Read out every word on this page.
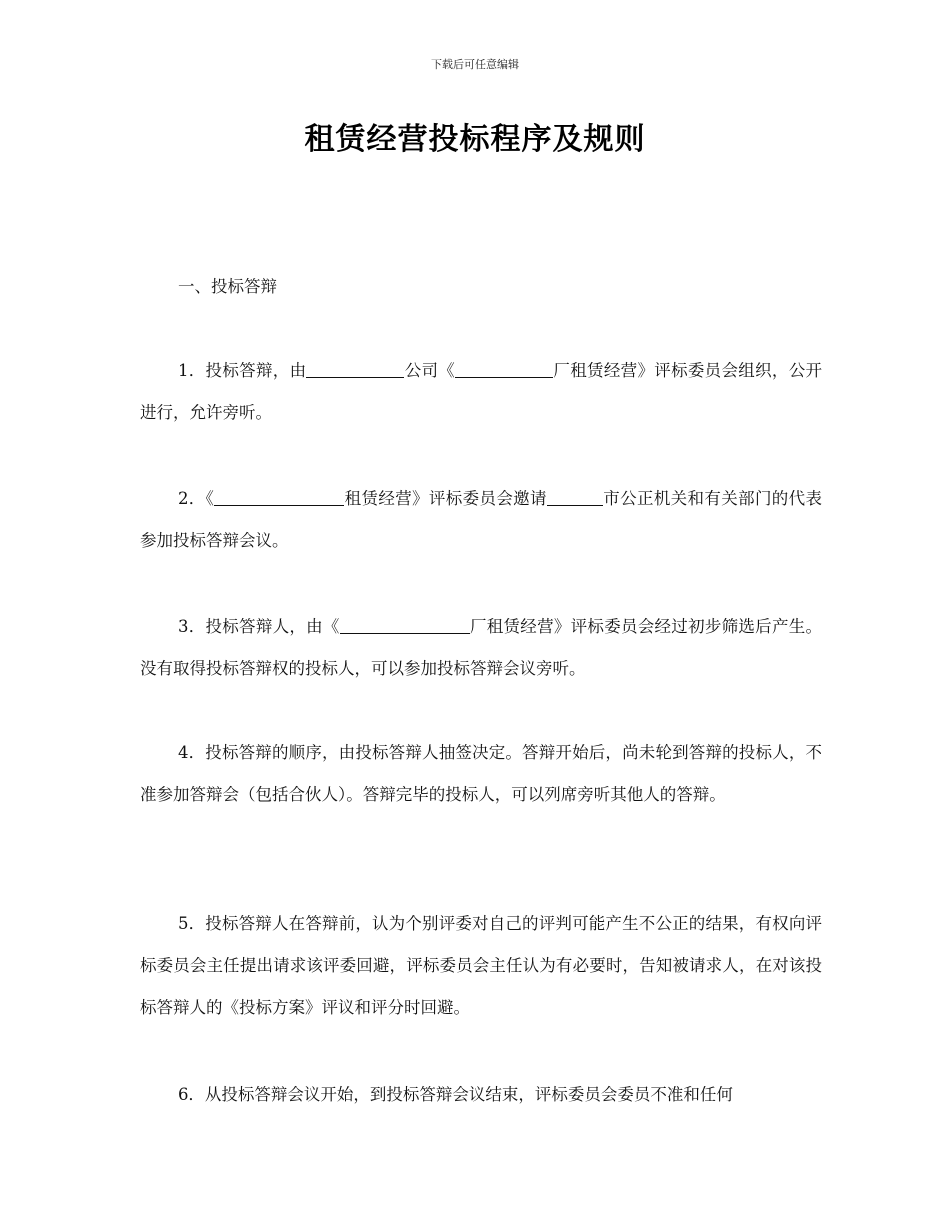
下载后可任意编辑
租赁经营投标程序及规则
一、投标答辩
1．投标答辩，由	公司《	厂租赁经营》评标委员会组织，公开进行，允许旁听。
2．《	租赁经营》评标委员会邀请	市公正机关和有关部门的代表参加投标答辩会议。
3．投标答辩人，由《	厂租赁经营》评标委员会经过初步筛选后产生。没有取得投标答辩权的投标人，可以参加投标答辩会议旁听。
4．投标答辩的顺序，由投标答辩人抽签决定。答辩开始后，尚未轮到答辩的投标人，不准参加答辩会（包括合伙人）。答辩完毕的投标人，可以列席旁听其他人的答辩。
5．投标答辩人在答辩前，认为个别评委对自己的评判可能产生不公正的结果，有权向评标委员会主任提出请求该评委回避，评标委员会主任认为有必要时，告知被请求人，在对该投标答辩人的《投标方案》评议和评分时回避。
6．从投标答辩会议开始，到投标答辩会议结束，评标委员会委员不准和任何
